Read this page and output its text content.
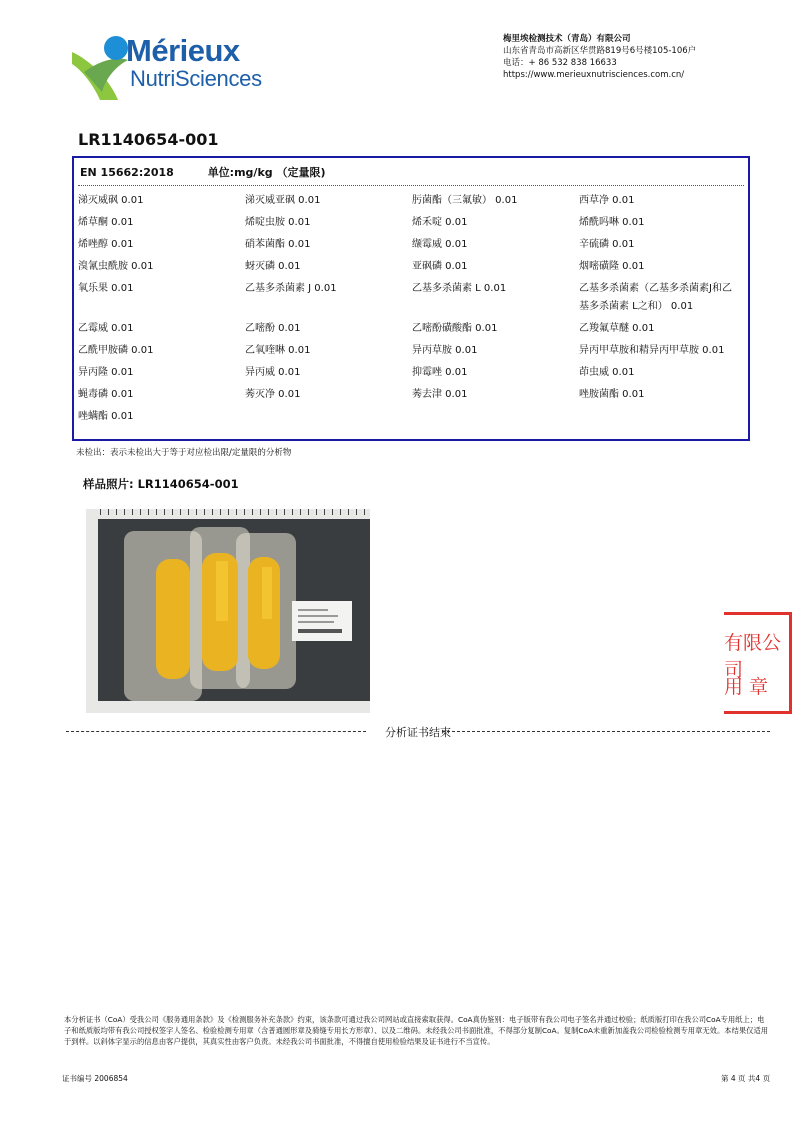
Mérieux
NutriSciences
梅里埃检测技术（青岛）有限公司
山东省青岛市高新区华贯路819号6号楼105-106户
电话：+ 86 532 838 16633
https://www.merieuxnutrisciences.com.cn/
LR1140654-001
EN 15662:2018	单位:mg/kg （定量限)
涕灭威砜 0.01	涕灭威亚砜 0.01	肟菌酯（三氟敏） 0.01	西草净 0.01
烯草酮 0.01	烯啶虫胺 0.01	烯禾啶 0.01	烯酰吗啉 0.01
烯唑醇 0.01	硝苯菌酯 0.01	缬霉威 0.01	辛硫磷 0.01
溴氰虫酰胺 0.01	蚜灭磷 0.01	亚砜磷 0.01	烟嘧磺隆 0.01
氧乐果 0.01	乙基多杀菌素 J 0.01	乙基多杀菌素 L 0.01	乙基多杀菌素（乙基多杀菌素J和乙基多杀菌素 L之和） 0.01
乙霉威 0.01	乙嘧酚 0.01	乙嘧酚磺酸酯 0.01	乙羧氟草醚 0.01
乙酰甲胺磷 0.01	乙氧喹啉 0.01	异丙草胺 0.01	异丙甲草胺和精异丙甲草胺 0.01
异丙隆 0.01	异丙威 0.01	抑霉唑 0.01	茚虫威 0.01
蝇毒磷 0.01	莠灭净 0.01	莠去津 0.01	唑胺菌酯 0.01
唑螨酯 0.01
未检出：表示未检出大于等于对应检出限/定量限的分析物
样品照片: LR1140654-001
分析证书结束
有限公司
用 章
本分析证书（CoA）受我公司《服务通用条款》及《检测服务补充条款》约束，该条款可通过我公司网站或直接索取获得。CoA真伪鉴别：电子版带有我公司电子签名并通过校验；纸质版打印在我公司CoA专用纸上；电子和纸质版均带有我公司授权签字人签名、检验检测专用章（含普通圆形章及骑缝专用长方形章）、以及二维码。未经我公司书面批准，不得部分复制CoA。复制CoA未重新加盖我公司检验检测专用章无效。本结果仅适用于到样。以斜体字显示的信息由客户提供，其真实性由客户负责。未经我公司书面批准，不得擅自使用检验结果及证书进行不当宣传。
证书编号 2006854	第 4 页 共4 页
